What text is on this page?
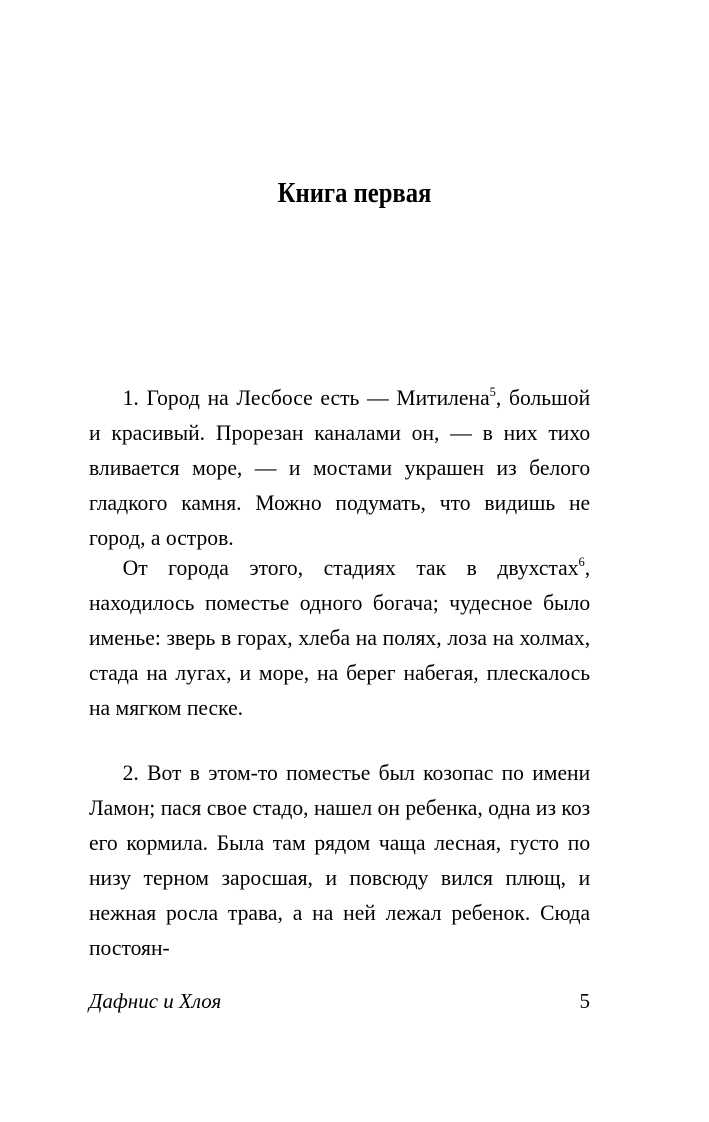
Книга первая

1. Город на Лесбосе есть — Митилена$^5$, большой и красивый. Прорезан каналами он, — в них тихо вливается море, — и мостами украшен из белого гладкого камня. Можно подумать, что видишь не город, а остров.

От города этого, стадиях так в двухстах$^6$, находилось поместье одного богача; чудесное было именье: зверь в горах, хлеба на полях, лоза на холмах, стада на лугах, и море, на берег набегая, плескалось на мягком песке.

2. Вот в этом-то поместье был козопас по имени Ламон; пася свое стадо, нашел он ребенка, одна из коз его кормила. Была там рядом чаща лесная, густо по низу терном заросшая, и повсюду вился плющ, и нежная росла трава, а на ней лежал ребенок. Сюда постоян-

Дафнис и Хлоя	5
